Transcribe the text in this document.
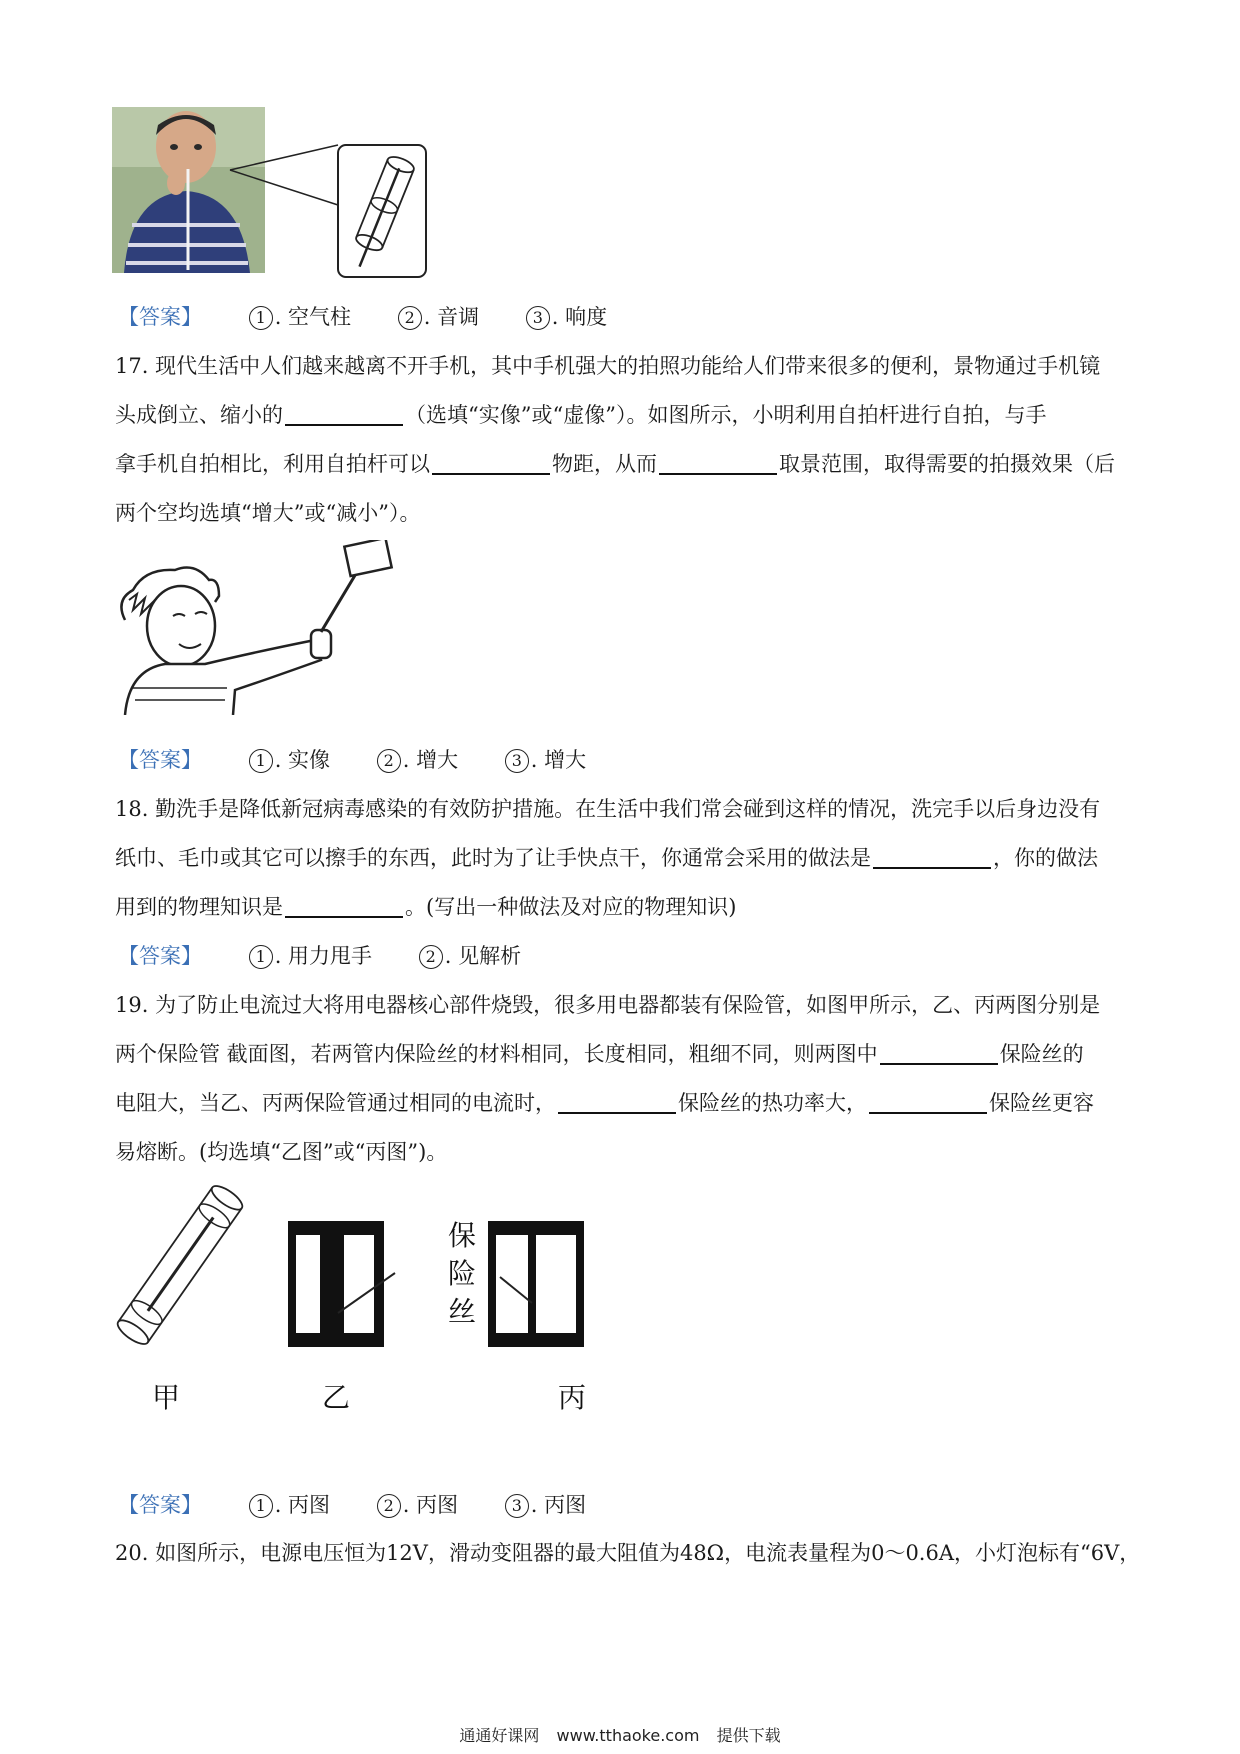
【答案】	1 . 空气柱	2 . 音调	3 . 响度
17. 现代生活中人们越来越离不开手机，其中手机强大的拍照功能给人们带来很多的便利，景物通过手机镜
头成倒立、缩小的	（选填“实像”或“虚像”）。如图所示，小明利用自拍杆进行自拍，与手
拿手机自拍相比，利用自拍杆可以	物距，从而	取景范围，取得需要的拍摄效果（后
两个空均选填“增大”或“减小”）。
【答案】	1 . 实像	2 . 增大	3 . 增大
18. 勤洗手是降低新冠病毒感染的有效防护措施。在生活中我们常会碰到这样的情况，洗完手以后身边没有
纸巾、毛巾或其它可以擦手的东西，此时为了让手快点干，你通常会采用的做法是	，你的做法
用到的物理知识是	。(写出一种做法及对应的物理知识)
【答案】	1 . 用力甩手	2 . 见解析
19. 为了防止电流过大将用电器核心部件烧毁，很多用电器都装有保险管，如图甲所示，乙、丙两图分别是
两个保险管 截面图，若两管内保险丝的材料相同，长度相同，粗细不同，则两图中	保险丝的
电阻大，当乙、丙两保险管通过相同的电流时，	保险丝的热功率大，	保险丝更容
易熔断。(均选填“乙图”或“丙图”)。
保
险
丝
甲	乙	丙
【答案】	1 . 丙图	2 . 丙图	3 . 丙图
20. 如图所示，电源电压恒为12V，滑动变阻器的最大阻值为48Ω，电流表量程为0～0.6A，小灯泡标有“6V，
通通好课网 www.tthaoke.com 提供下载
